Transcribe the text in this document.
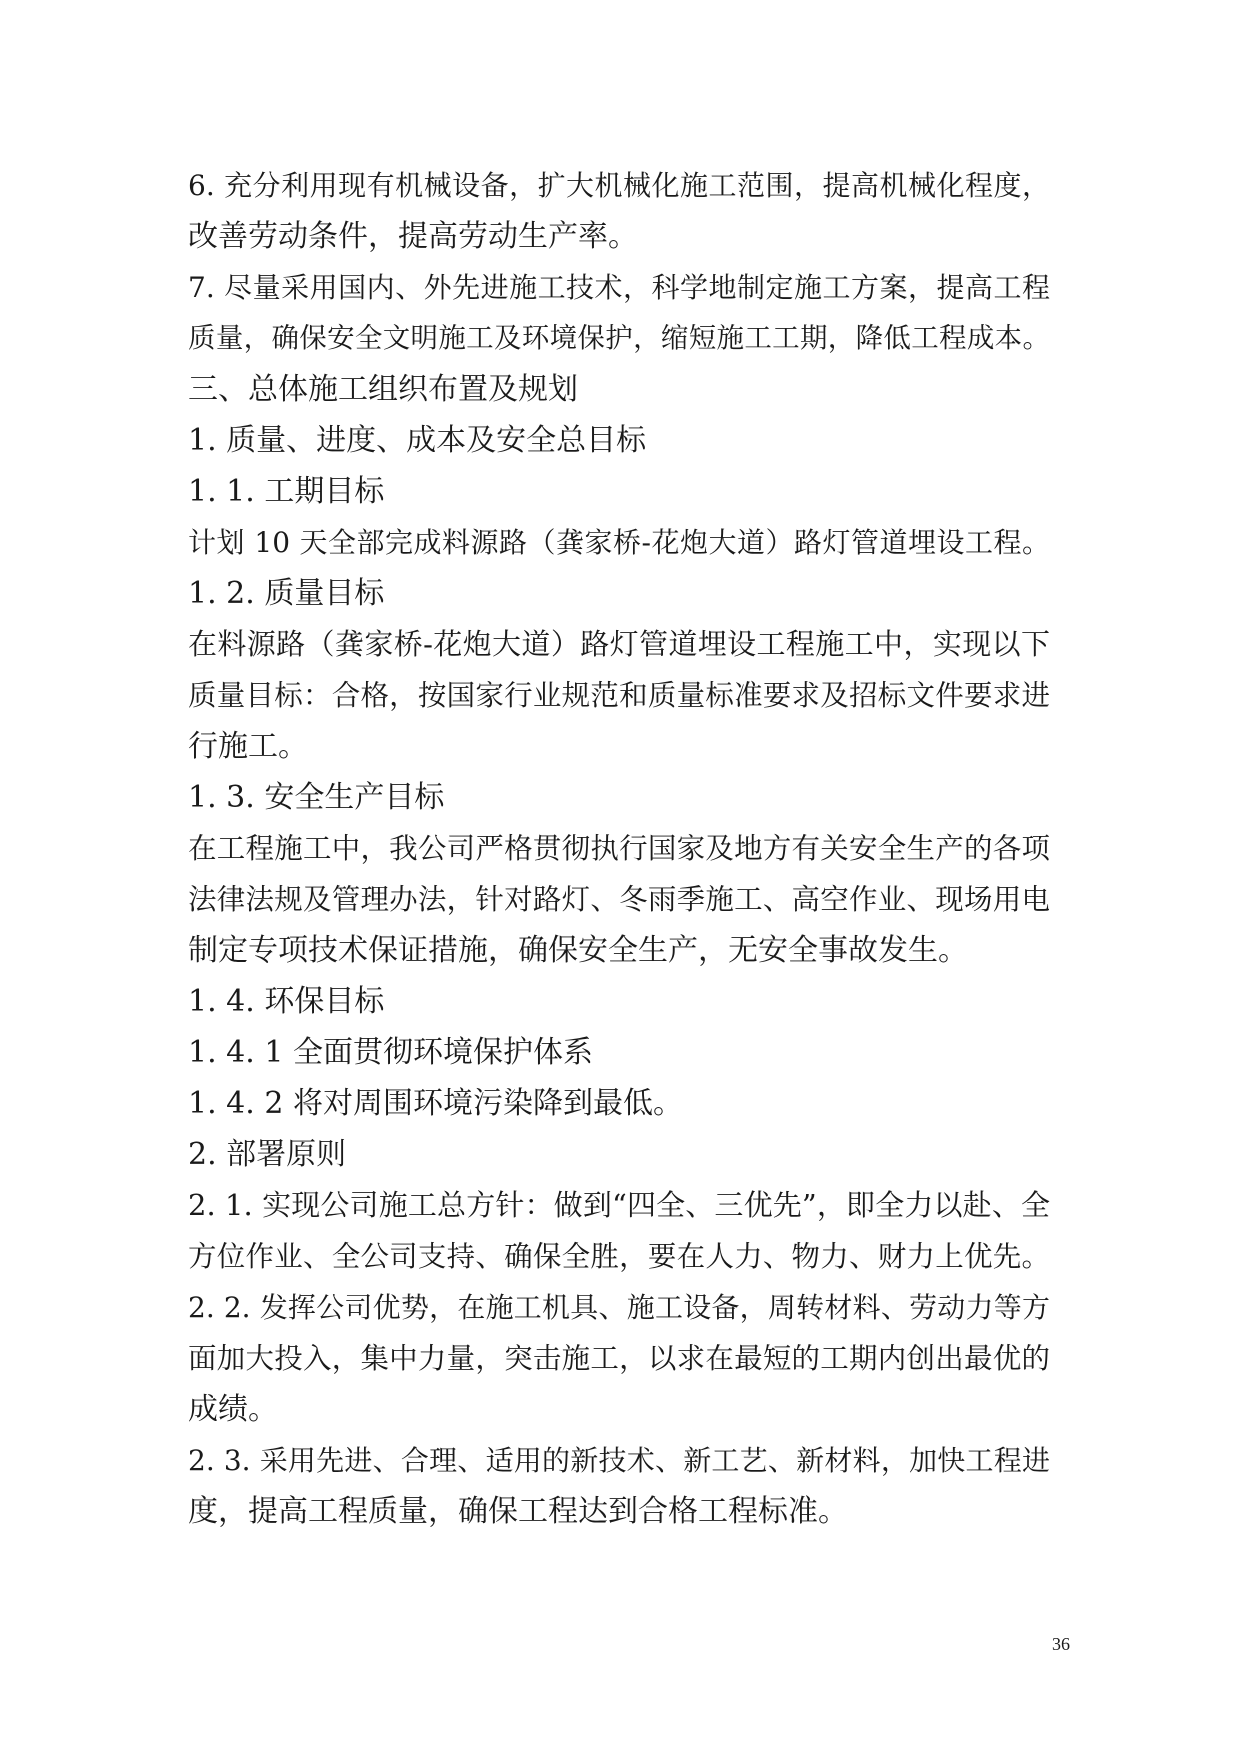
6. 充分利用现有机械设备，扩大机械化施工范围，提高机械化程度，
改善劳动条件，提高劳动生产率。
7. 尽量采用国内、外先进施工技术，科学地制定施工方案，提高工程
质量，确保安全文明施工及环境保护，缩短施工工期，降低工程成本。
三、总体施工组织布置及规划
1. 质量、进度、成本及安全总目标
1. 1. 工期目标
计划 10 天全部完成料源路（龚家桥-花炮大道）路灯管道埋设工程。
1. 2. 质量目标
在料源路（龚家桥-花炮大道）路灯管道埋设工程施工中，实现以下
质量目标：合格，按国家行业规范和质量标准要求及招标文件要求进
行施工。
1. 3. 安全生产目标
在工程施工中，我公司严格贯彻执行国家及地方有关安全生产的各项
法律法规及管理办法，针对路灯、冬雨季施工、高空作业、现场用电
制定专项技术保证措施，确保安全生产，无安全事故发生。
1. 4. 环保目标
1. 4. 1 全面贯彻环境保护体系
1. 4. 2 将对周围环境污染降到最低。
2. 部署原则
2. 1. 实现公司施工总方针：做到“四全、三优先”，即全力以赴、全
方位作业、全公司支持、确保全胜，要在人力、物力、财力上优先。
2. 2. 发挥公司优势，在施工机具、施工设备，周转材料、劳动力等方
面加大投入，集中力量，突击施工，以求在最短的工期内创出最优的
成绩。
2. 3. 采用先进、合理、适用的新技术、新工艺、新材料，加快工程进
度，提高工程质量，确保工程达到合格工程标准。
36
